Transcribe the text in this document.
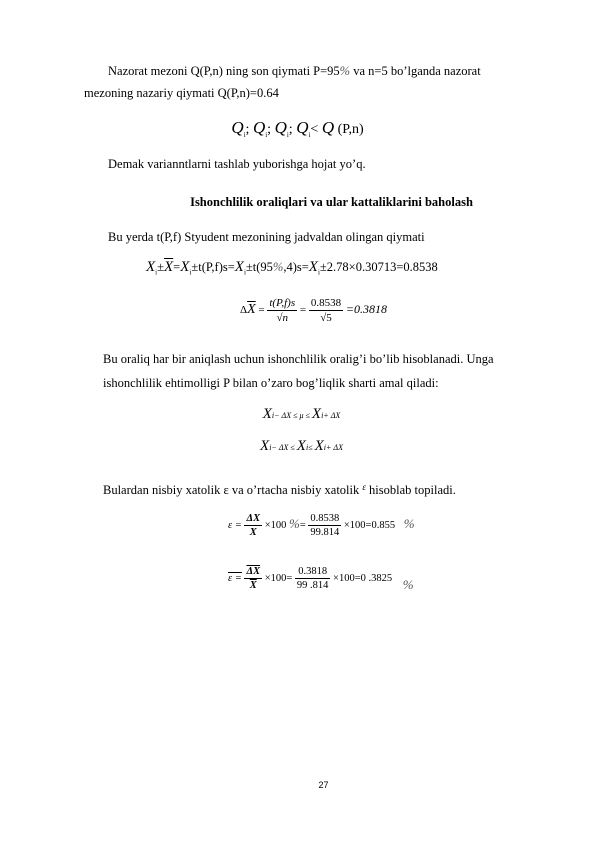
Nazorat mezoni Q(P,n) ning son qiymati P=95% va n=5 bo’lganda nazorat
mezoning nazariy qiymati Q(P,n)=0.64
$Q_i$; $Q_i$; $Q_i$; $Q_i< Q$ (P,n)
Demak varianntlarni tashlab yuborishga hojat yo’q.
Ishonchlilik oraliqlari va ular kattaliklarini baholash
Bu yerda t(P,f) Styudent mezonining jadvaldan olingan qiymati
$X_i\pm\overline{X}=X_i\pm t(P,f)s=X_i\pm t(95\%,4)s=X_i\pm 2.78\times 0.30713=0.8538$
$\Delta\overline{X} = \frac{t(P,f)s}{√n} = \frac{0.8538}{√5} =0.3818$
Bu oraliq har bir aniqlash uchun ishonchlilik oralig’i bo’lib hisoblanadi. Unga
ishonchlilik ehtimolligi P bilan o’zaro bog’liqlik sharti amal qiladi:
Xi− ΔX ≤ μ ≤ Xi+ ΔX
Xi− ΔX ≤ Xi≤ Xi+ ΔX
Bulardan nisbiy xatolik ε va o’rtacha nisbiy xatolik $^\varepsilon$ hisoblab topiladi.
$\varepsilon = \frac{\Delta X}{X} \times 100$ %= $\frac{0.8538}{99.814} \times 100=0.855$ %
$\varepsilon = \frac{\overline{\Delta X}}{X} \times 100= \frac{0.3818}{99 .814} \times 100=0$ .3825 %
27
